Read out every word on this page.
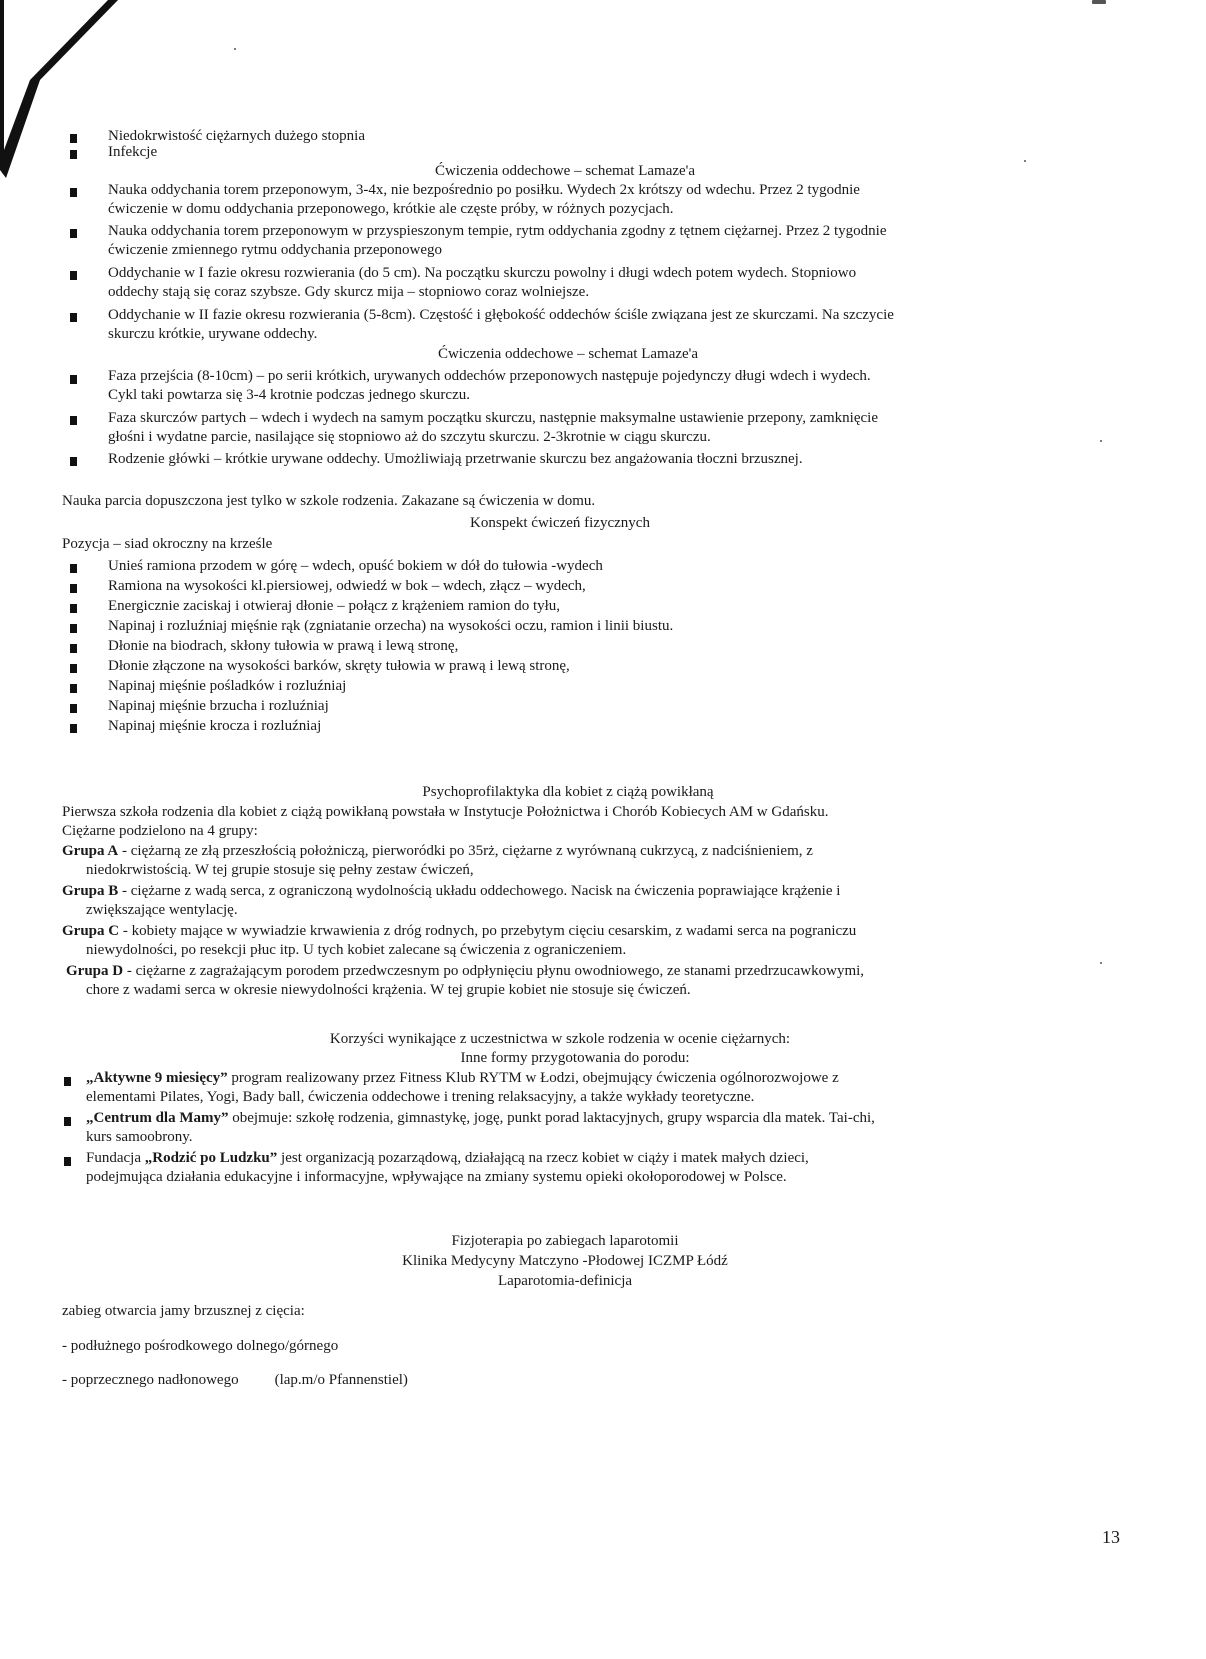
Niedokrwistość ciężarnych dużego stopnia
Infekcje
Ćwiczenia oddechowe – schemat Lamaze'a
Nauka oddychania torem przeponowym, 3-4x, nie bezpośrednio po posiłku. Wydech 2x krótszy od wdechu. Przez 2 tygodnie
ćwiczenie w domu oddychania przeponowego, krótkie ale częste próby, w różnych pozycjach.
Nauka oddychania torem przeponowym w przyspieszonym tempie, rytm oddychania zgodny z tętnem ciężarnej. Przez 2 tygodnie
ćwiczenie zmiennego rytmu oddychania przeponowego
Oddychanie w I fazie okresu rozwierania (do 5 cm). Na początku skurczu powolny i długi wdech potem wydech. Stopniowo
oddechy stają się coraz szybsze. Gdy skurcz mija – stopniowo coraz wolniejsze.
Oddychanie w II fazie okresu rozwierania (5-8cm). Częstość i głębokość oddechów ściśle związana jest ze skurczami. Na szczycie
skurczu krótkie, urywane oddechy.
Ćwiczenia oddechowe – schemat Lamaze'a
Faza przejścia (8-10cm) – po serii krótkich, urywanych oddechów przeponowych następuje pojedynczy długi wdech i wydech.
Cykl taki powtarza się 3-4 krotnie podczas jednego skurczu.
Faza skurczów partych – wdech i wydech na samym początku skurczu, następnie maksymalne ustawienie przepony, zamknięcie
głośni i wydatne parcie, nasilające się stopniowo aż do szczytu skurczu. 2-3krotnie w ciągu skurczu.
Rodzenie główki – krótkie urywane oddechy. Umożliwiają przetrwanie skurczu bez angażowania tłoczni brzusznej.
Nauka parcia dopuszczona jest tylko w szkole rodzenia. Zakazane są ćwiczenia w domu.
Konspekt ćwiczeń fizycznych
Pozycja – siad okroczny na krześle
Unieś ramiona przodem w górę – wdech, opuść bokiem w dół do tułowia -wydech
Ramiona na wysokości kl.piersiowej, odwiedź w bok – wdech, złącz – wydech,
Energicznie zaciskaj i otwieraj dłonie – połącz z krążeniem ramion do tyłu,
Napinaj i rozluźniaj mięśnie rąk (zgniatanie orzecha) na wysokości oczu, ramion i linii biustu.
Dłonie na biodrach, skłony tułowia w prawą i lewą stronę,
Dłonie złączone na wysokości barków, skręty tułowia w prawą i lewą stronę,
Napinaj mięśnie pośladków i rozluźniaj
Napinaj mięśnie brzucha i rozluźniaj
Napinaj mięśnie krocza i rozluźniaj
Psychoprofilaktyka dla kobiet z ciążą powikłaną
Pierwsza szkoła rodzenia dla kobiet z ciążą powikłaną powstała w Instytucje Położnictwa i Chorób Kobiecych AM w Gdańsku.
Ciężarne podzielono na 4 grupy:
Grupa A - ciężarną ze złą przeszłością położniczą, pierworódki po 35rż, ciężarne z wyrównaną cukrzycą, z nadciśnieniem, z
niedokrwistością. W tej grupie stosuje się pełny zestaw ćwiczeń,
Grupa B - ciężarne z wadą serca, z ograniczoną wydolnością układu oddechowego. Nacisk na ćwiczenia poprawiające krążenie i
zwiększające wentylację.
Grupa C - kobiety mające w wywiadzie krwawienia z dróg rodnych, po przebytym cięciu cesarskim, z wadami serca na pograniczu
niewydolności, po resekcji płuc itp. U tych kobiet zalecane są ćwiczenia z ograniczeniem.
Grupa D - ciężarne z zagrażającym porodem przedwczesnym po odpłynięciu płynu owodniowego, ze stanami przedrzucawkowymi,
chore z wadami serca w okresie niewydolności krążenia. W tej grupie kobiet nie stosuje się ćwiczeń.
Korzyści wynikające z uczestnictwa w szkole rodzenia w ocenie ciężarnych:
Inne formy przygotowania do porodu:
„Aktywne 9 miesięcy” program realizowany przez Fitness Klub RYTM w Łodzi, obejmujący ćwiczenia ogólnorozwojowe z
elementami Pilates, Yogi, Bady ball, ćwiczenia oddechowe i trening relaksacyjny, a także wykłady teoretyczne.
„Centrum dla Mamy” obejmuje: szkołę rodzenia, gimnastykę, jogę, punkt porad laktacyjnych, grupy wsparcia dla matek. Tai-chi,
kurs samoobrony.
Fundacja „Rodzić po Ludzku” jest organizacją pozarządową, działającą na rzecz kobiet w ciąży i matek małych dzieci,
podejmująca działania edukacyjne i informacyjne, wpływające na zmiany systemu opieki okołoporodowej w Polsce.
Fizjoterapia po zabiegach laparotomii
Klinika Medycyny Matczyno -Płodowej ICZMP Łódź
Laparotomia-definicja
zabieg otwarcia jamy brzusznej z cięcia:
- podłużnego pośrodkowego dolnego/górnego
- poprzecznego nadłonowego (lap.m/o Pfannenstiel)
13
